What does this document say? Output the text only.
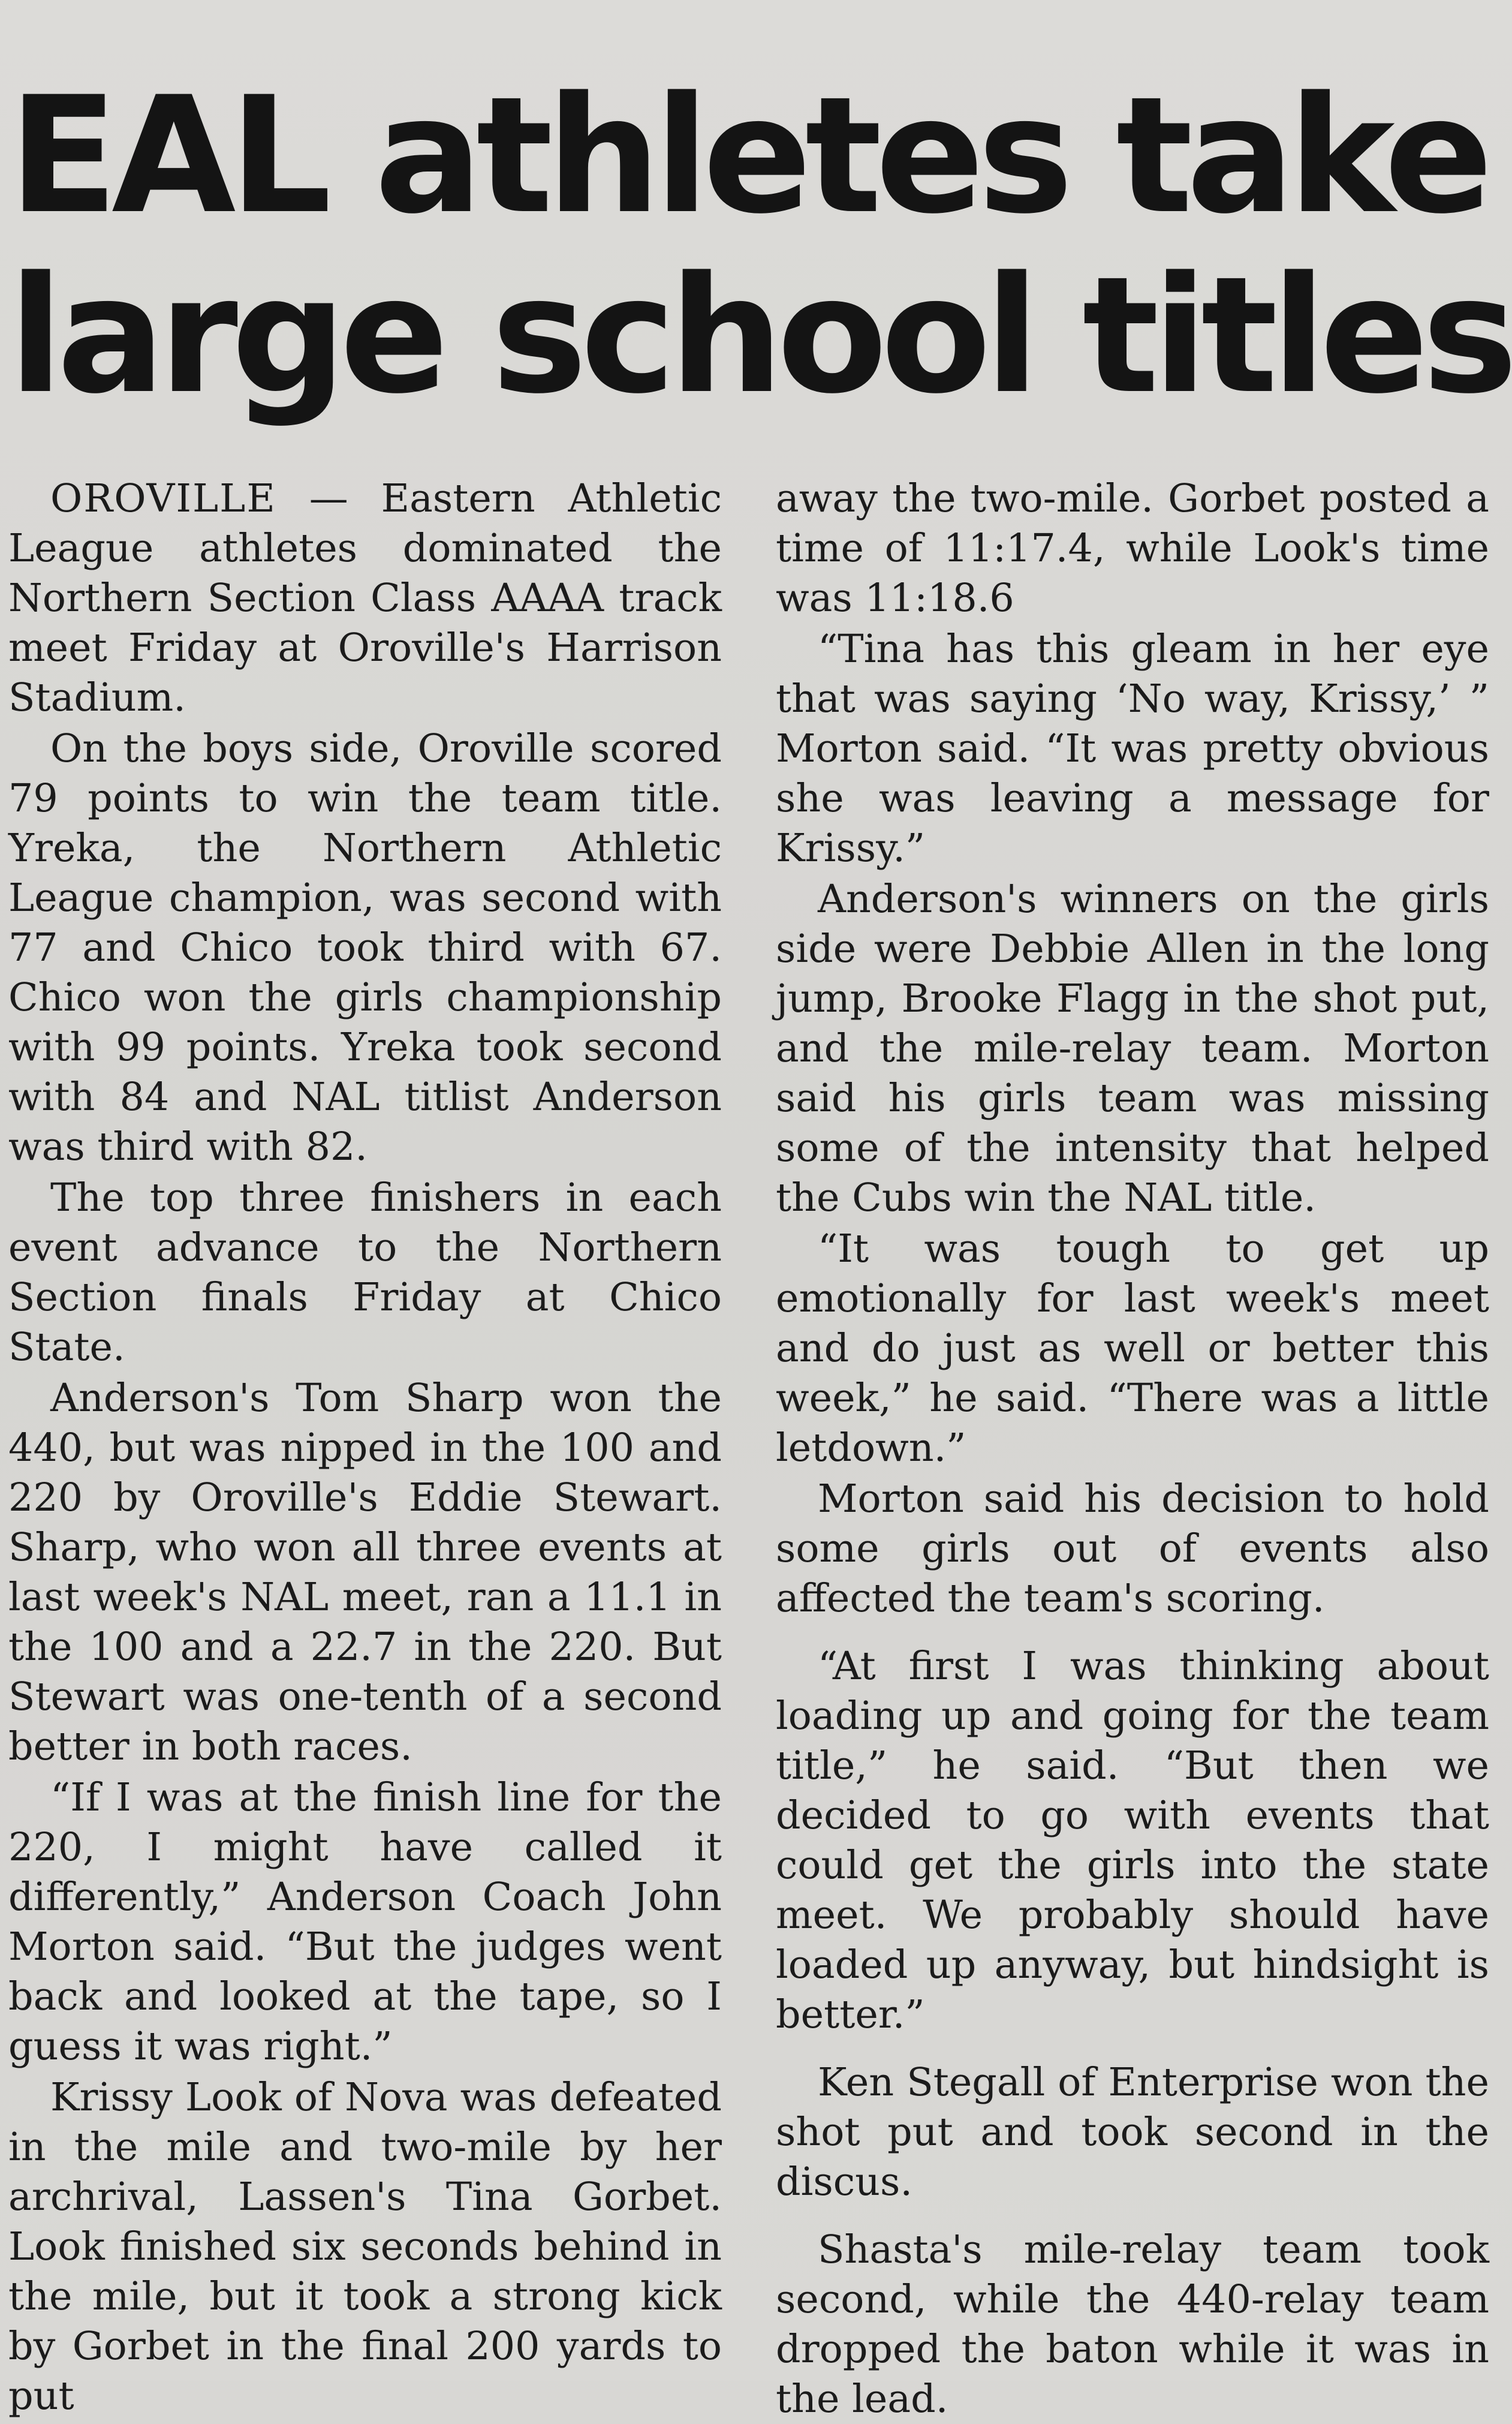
EAL athletes take
large school titles

OROVILLE — Eastern Athletic League athletes dominated the Northern Section Class AAAA track meet Friday at Oroville's Harrison Stadium.

On the boys side, Oroville scored 79 points to win the team title. Yreka, the Northern Athletic League champion, was second with 77 and Chico took third with 67. Chico won the girls championship with 99 points. Yreka took second with 84 and NAL titlist Anderson was third with 82.

The top three finishers in each event advance to the Northern Section finals Friday at Chico State.

Anderson's Tom Sharp won the 440, but was nipped in the 100 and 220 by Oroville's Eddie Stewart. Sharp, who won all three events at last week's NAL meet, ran a 11.1 in the 100 and a 22.7 in the 220. But Stewart was one-tenth of a second better in both races.

“If I was at the finish line for the 220, I might have called it differently,” Anderson Coach John Morton said. “But the judges went back and looked at the tape, so I guess it was right.”

Krissy Look of Nova was defeated in the mile and two-mile by her archrival, Lassen's Tina Gorbet. Look finished six seconds behind in the mile, but it took a strong kick by Gorbet in the final 200 yards to put

away the two-mile. Gorbet posted a time of 11:17.4, while Look's time was 11:18.6

“Tina has this gleam in her eye that was saying ‘No way, Krissy,’ ” Morton said. “It was pretty obvious she was leaving a message for Krissy.”

Anderson's winners on the girls side were Debbie Allen in the long jump, Brooke Flagg in the shot put, and the mile-relay team. Morton said his girls team was missing some of the intensity that helped the Cubs win the NAL title.

“It was tough to get up emotionally for last week's meet and do just as well or better this week,” he said. “There was a little letdown.”

Morton said his decision to hold some girls out of events also affected the team's scoring.

“At first I was thinking about loading up and going for the team title,” he said. “But then we decided to go with events that could get the girls into the state meet. We probably should have loaded up anyway, but hindsight is better.”

Ken Stegall of Enterprise won the shot put and took second in the discus.

Shasta's mile-relay team took second, while the 440-relay team dropped the baton while it was in the lead.
